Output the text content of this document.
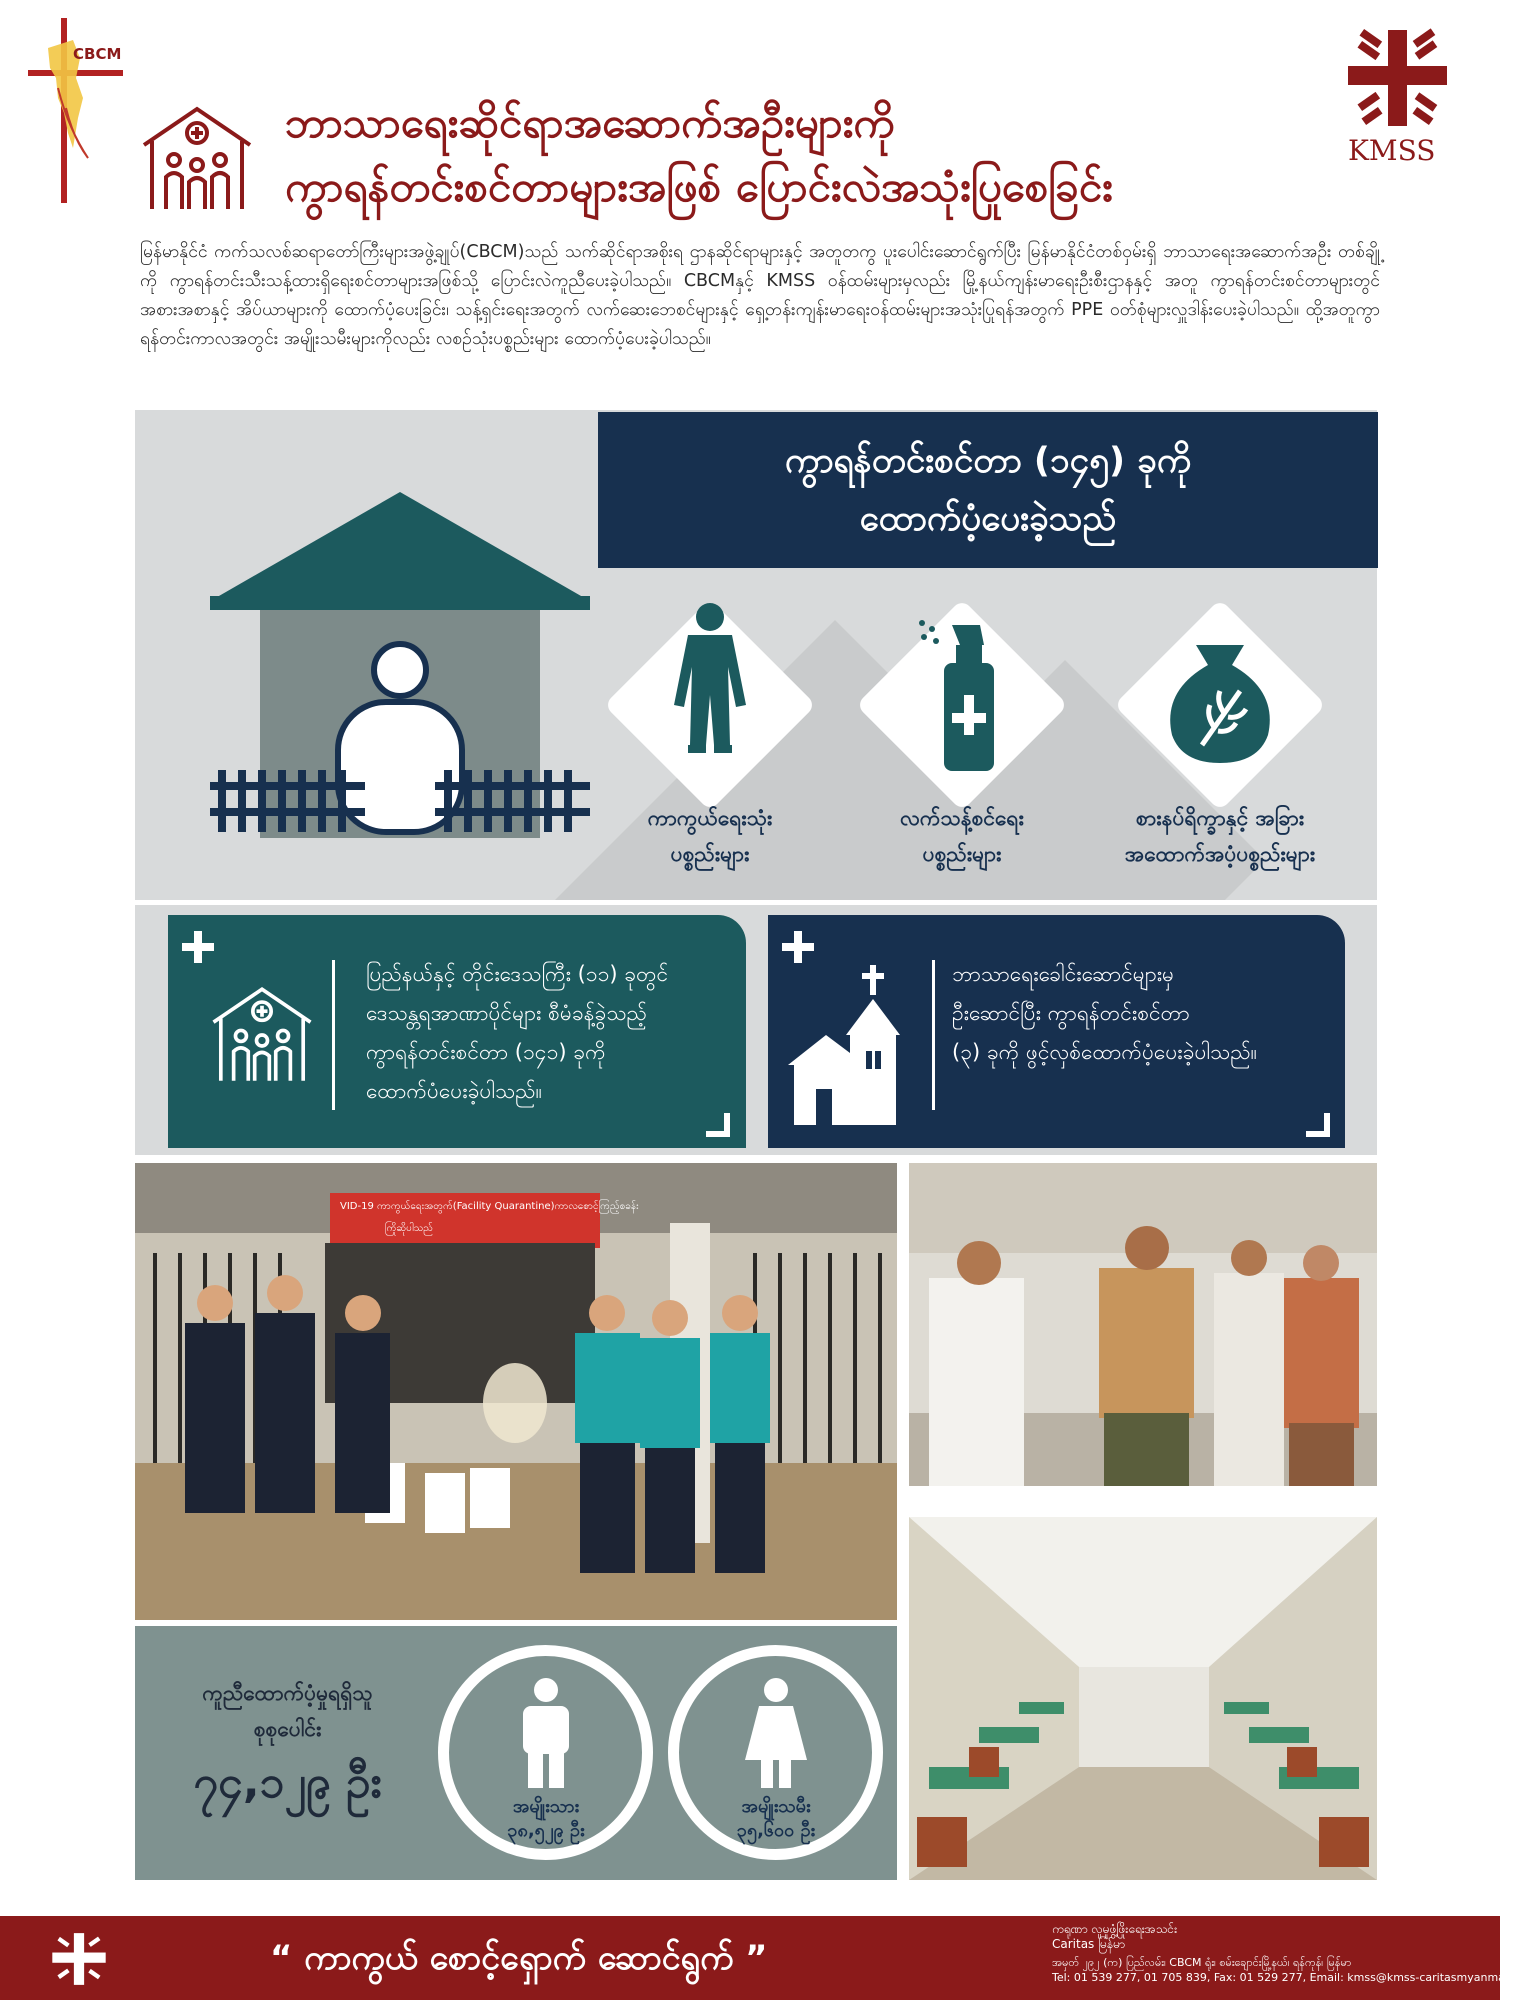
CBCM
KMSS
ဘာသာရေးဆိုင်ရာအဆောက်အဦးများကို
ကွာရန်တင်းစင်တာများအဖြစ် ပြောင်းလဲအသုံးပြုစေခြင်း

မြန်မာနိုင်ငံ ကက်သလစ်ဆရာတော်ကြီးများအဖွဲ့ချုပ်(CBCM)သည် သက်ဆိုင်ရာအစိုးရ ဌာနဆိုင်ရာများနှင့် အတူတကွ ပူးပေါင်းဆောင်ရွက်ပြီး မြန်မာနိုင်ငံတစ်ဝှမ်းရှိ ဘာသာရေးအဆောက်အဦး တစ်ချို့ကို ကွာရန်တင်းသီးသန့်ထားရှိရေးစင်တာများအဖြစ်သို့ ပြောင်းလဲကူညီပေးခဲ့ပါသည်။ CBCMနှင့် KMSS ဝန်ထမ်းများမှလည်း မြို့နယ်ကျန်းမာရေးဦးစီးဌာနနှင့် အတူ ကွာရန်တင်းစင်တာများတွင် အစားအစာနှင့် အိပ်ယာများကို ထောက်ပံ့ပေးခြင်း၊ သန့်ရှင်းရေးအတွက် လက်ဆေးဘေစင်များနှင့် ရှေ့တန်းကျန်းမာရေးဝန်ထမ်းများအသုံးပြုရန်အတွက် PPE ဝတ်စုံများလှူဒါန်းပေးခဲ့ပါသည်။ ထို့အတူကွာရန်တင်းကာလအတွင်း အမျိုးသမီးများကိုလည်း လစဉ်သုံးပစ္စည်းများ ထောက်ပံ့ပေးခဲ့ပါသည်။

ကွာရန်တင်းစင်တာ (၁၄၅) ခုကို
ထောက်ပံ့ပေးခဲ့သည်
ကာကွယ်ရေးသုံး
ပစ္စည်းများ
လက်သန့်စင်ရေး
ပစ္စည်းများ
စားနပ်ရိက္ခာနှင့် အခြား
အထောက်အပံ့ပစ္စည်းများ
ပြည်နယ်နှင့် တိုင်းဒေသကြီး (၁၁) ခုတွင်
ဒေသန္တရအာဏာပိုင်များ စီမံခန့်ခွဲသည့်
ကွာရန်တင်းစင်တာ (၁၄၁) ခုကို
ထောက်ပံပေးခဲ့ပါသည်။
ဘာသာရေးခေါင်းဆောင်များမှ
ဦးဆောင်ပြီး ကွာရန်တင်းစင်တာ
(၃) ခုကို ဖွင့်လှစ်ထောက်ပံ့ပေးခဲ့ပါသည်။
VID-19 ကာကွယ်ရေးအတွက်(Facility Quarantine)ကာလစောင့်ကြည့်စခန်း
ကြိုဆိုပါသည်
ကူညီထောက်ပံ့မှုရရှိသူ
စုစုပေါင်း
၇၄,၁၂၉ ဦး	အမျိုးသား
၃၈,၅၂၉ ဦး
အမျိုးသမီး
၃၅,၆၀၀ ဦး
“ ကာကွယ် စောင့်ရှောက် ဆောင်ရွက် ”
ကရုဏာ လူမှုဖွံ့ဖြိုးရေးအသင်း
Caritas မြန်မာ
အမှတ် ၂၉၂ (က) ပြည်လမ်း၊ CBCM ရုံး၊ စမ်းချောင်းမြို့နယ်၊ ရန်ကုန်၊ မြန်မာ
Tel: 01 539 277, 01 705 839, Fax: 01 529 277, Email: kmss@kmss-caritasmyanmar.org
